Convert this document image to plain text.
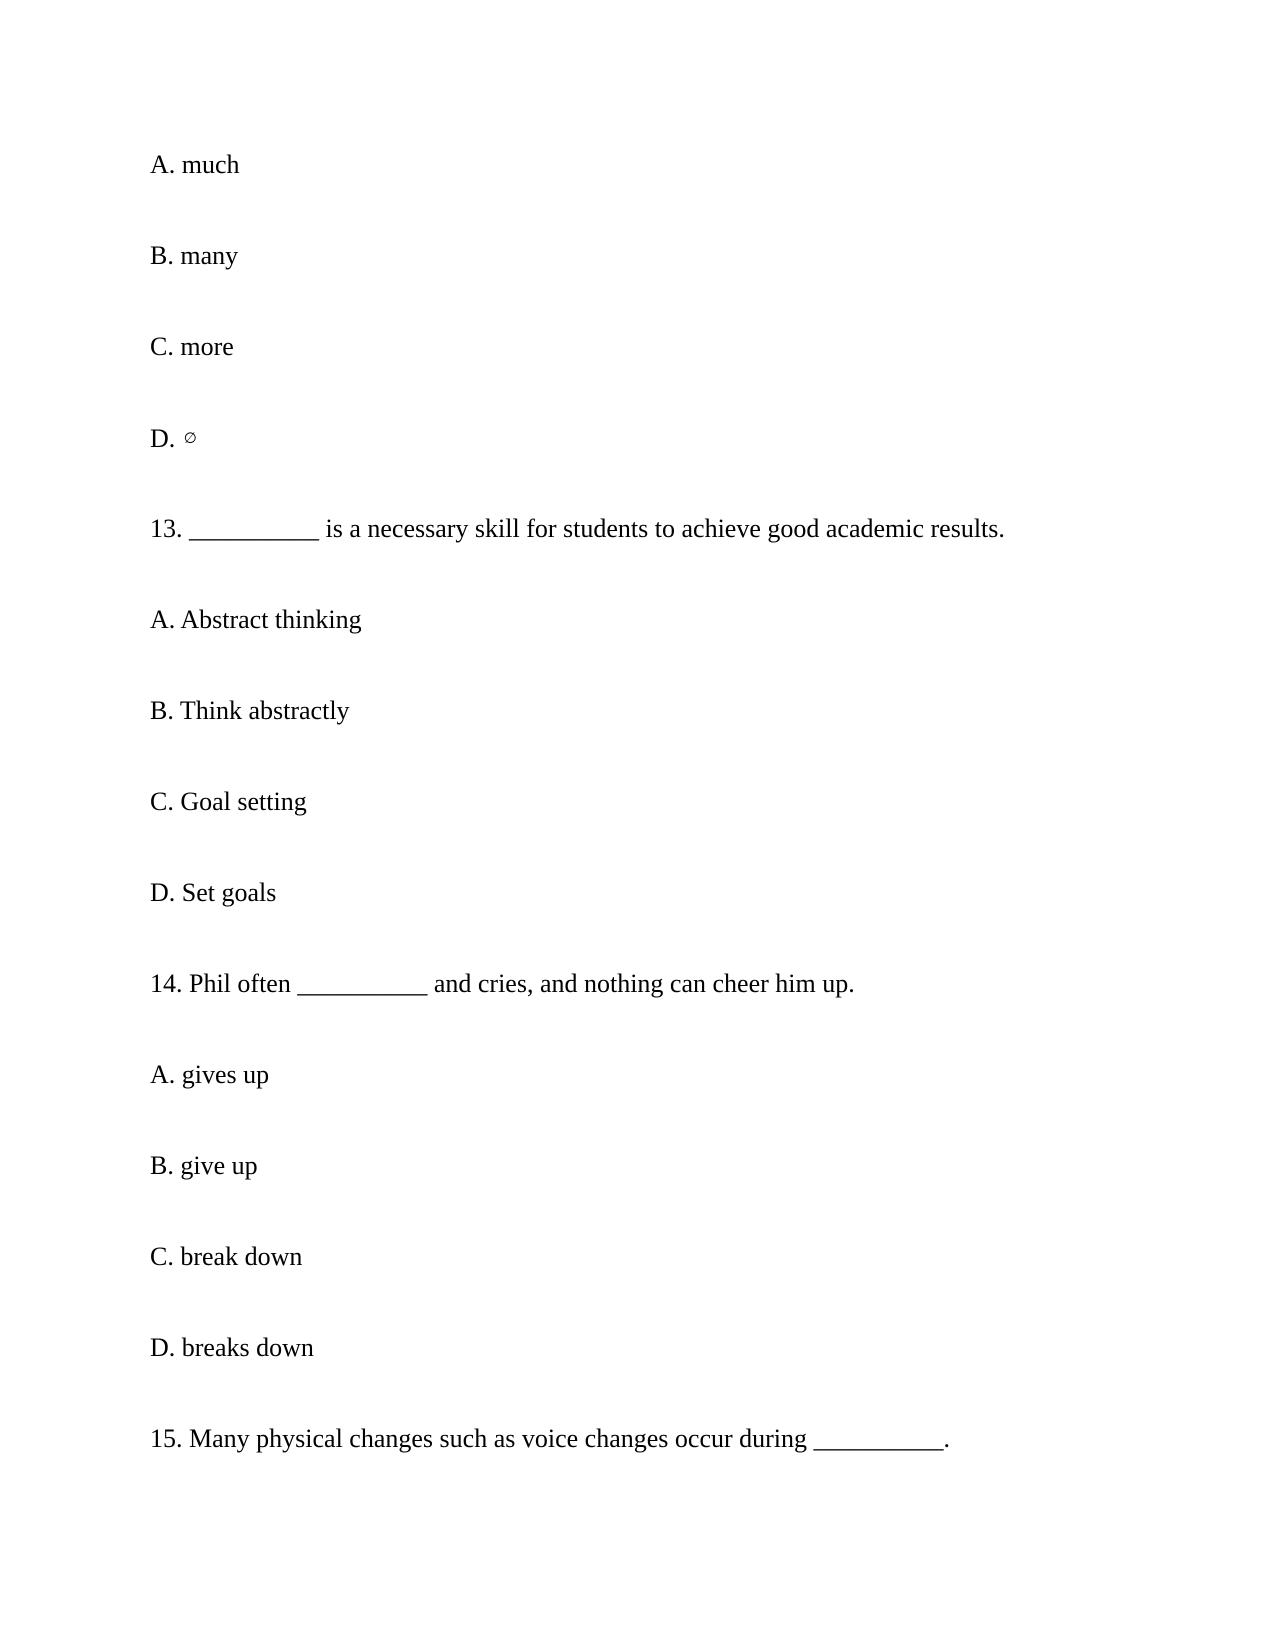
A. much
B. many
C. more
D. ∅
13. __________ is a necessary skill for students to achieve good academic results.
A. Abstract thinking
B. Think abstractly
C. Goal setting
D. Set goals
14. Phil often __________ and cries, and nothing can cheer him up.
A. gives up
B. give up
C. break down
D. breaks down
15. Many physical changes such as voice changes occur during __________.
